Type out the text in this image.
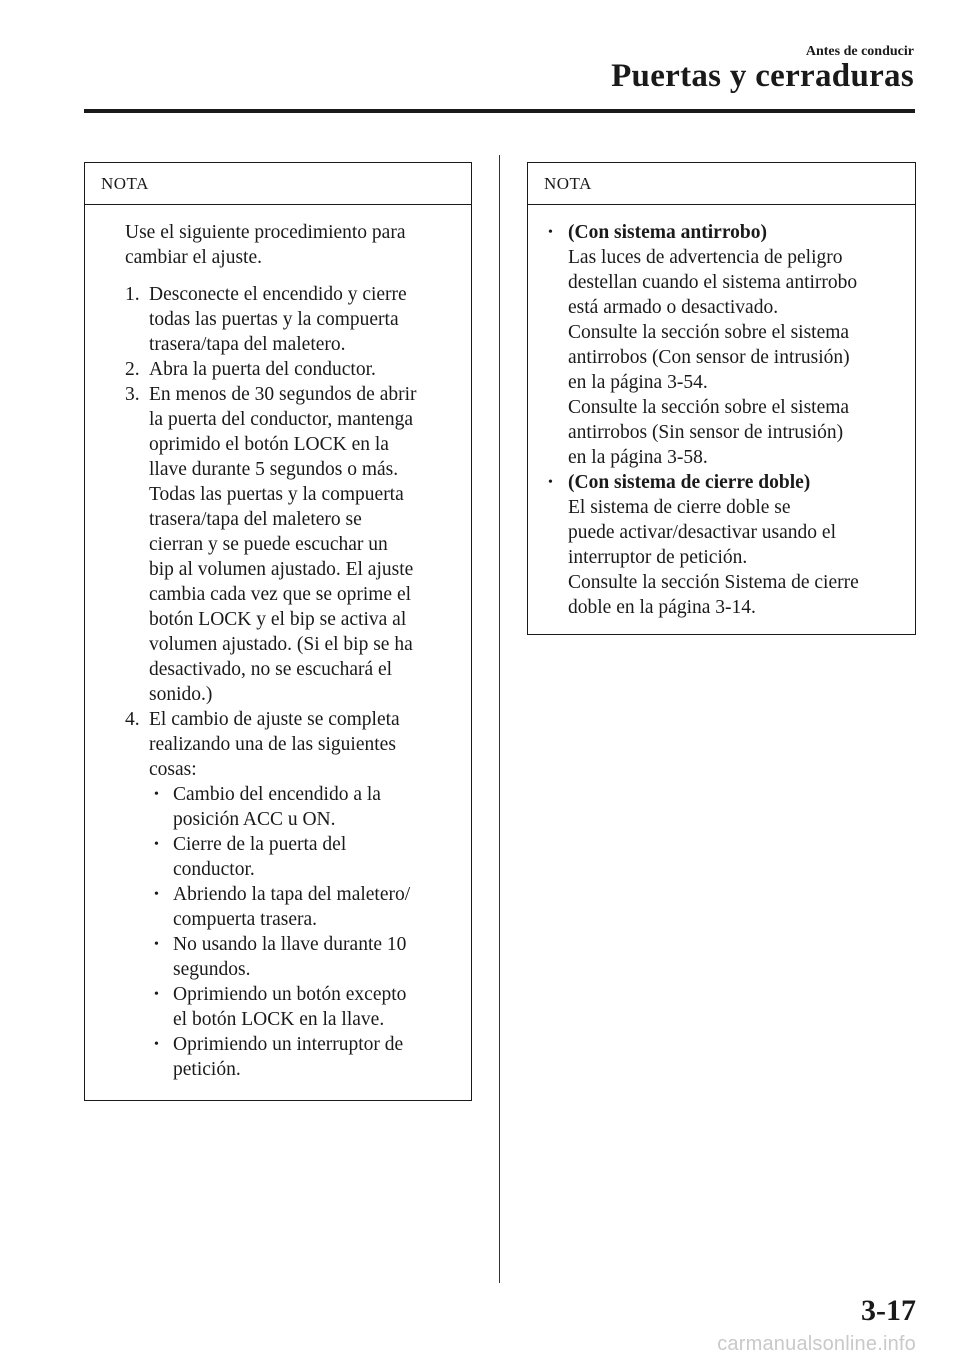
Antes de conducir
Puertas y cerraduras
NOTA
Use el siguiente procedimiento para
cambiar el ajuste.
1. Desconecte el encendido y cierre
todas las puertas y la compuerta
trasera/tapa del maletero.
2. Abra la puerta del conductor.
3. En menos de 30 segundos de abrir
la puerta del conductor, mantenga
oprimido el botón LOCK en la
llave durante 5 segundos o más.
Todas las puertas y la compuerta
trasera/tapa del maletero se
cierran y se puede escuchar un
bip al volumen ajustado. El ajuste
cambia cada vez que se oprime el
botón LOCK y el bip se activa al
volumen ajustado. (Si el bip se ha
desactivado, no se escuchará el
sonido.)
4. El cambio de ajuste se completa
realizando una de las siguientes
cosas:
• Cambio del encendido a la
posición ACC u ON.
• Cierre de la puerta del
conductor.
• Abriendo la tapa del maletero/
compuerta trasera.
• No usando la llave durante 10
segundos.
• Oprimiendo un botón excepto
el botón LOCK en la llave.
• Oprimiendo un interruptor de
petición.
NOTA
• (Con sistema antirrobo)
Las luces de advertencia de peligro
destellan cuando el sistema antirrobo
está armado o desactivado.
Consulte la sección sobre el sistema
antirrobos (Con sensor de intrusión)
en la página 3-54.
Consulte la sección sobre el sistema
antirrobos (Sin sensor de intrusión)
en la página 3-58.
• (Con sistema de cierre doble)
El sistema de cierre doble se
puede activar/desactivar usando el
interruptor de petición.
Consulte la sección Sistema de cierre
doble en la página 3-14.
3-17
carmanualsonline.info
